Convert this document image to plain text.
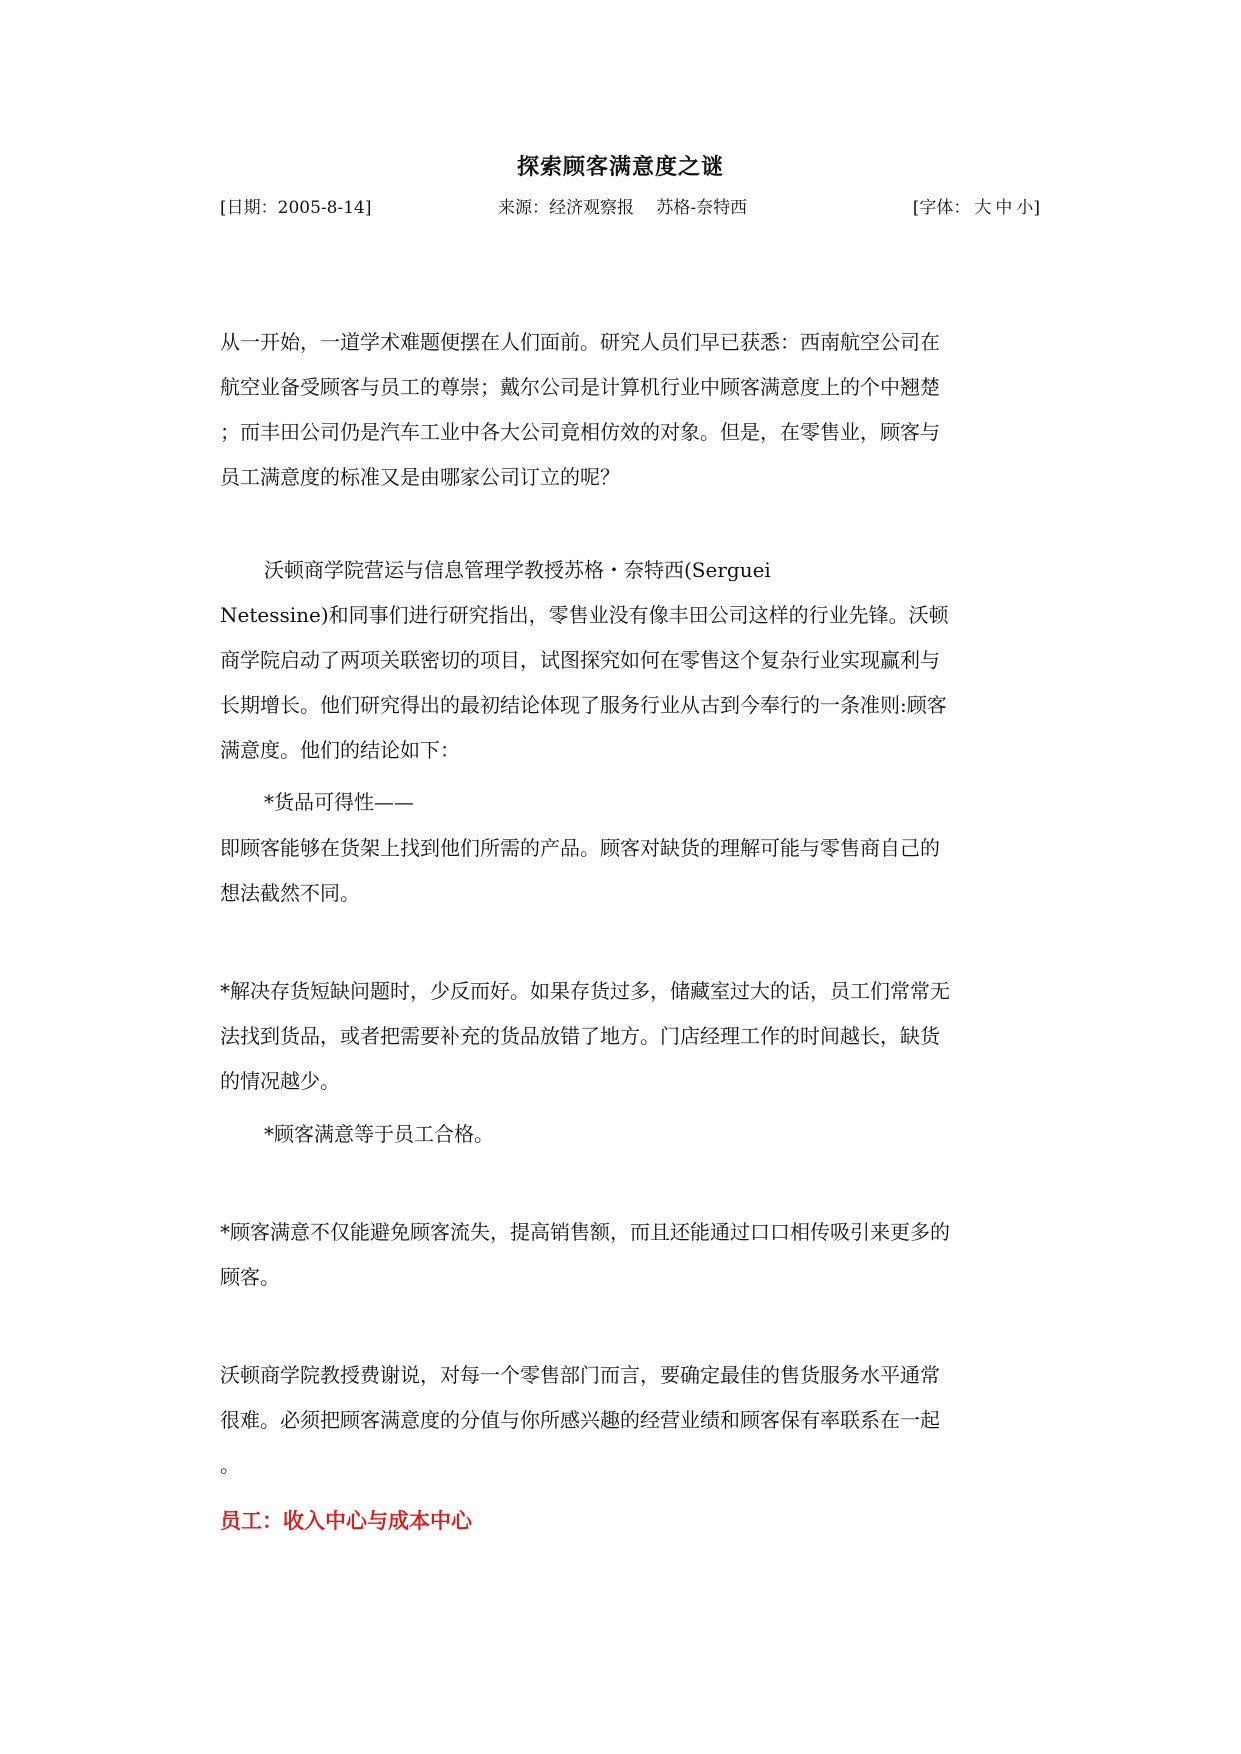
探索顾客满意度之谜
[日期：2005-8-14]	来源：经济观察报　 苏格-奈特西	[字体： 大 中 小]
从一开始，一道学术难题便摆在人们面前。研究人员们早已获悉：西南航空公司在
航空业备受顾客与员工的尊崇；戴尔公司是计算机行业中顾客满意度上的个中翘楚
；而丰田公司仍是汽车工业中各大公司竟相仿效的对象。但是，在零售业，顾客与
员工满意度的标准又是由哪家公司订立的呢？
沃顿商学院营运与信息管理学教授苏格・奈特西(Serguei
Netessine)和同事们进行研究指出，零售业没有像丰田公司这样的行业先锋。沃顿
商学院启动了两项关联密切的项目，试图探究如何在零售这个复杂行业实现赢利与
长期增长。他们研究得出的最初结论体现了服务行业从古到今奉行的一条准则:顾客
满意度。他们的结论如下：
*货品可得性——
即顾客能够在货架上找到他们所需的产品。顾客对缺货的理解可能与零售商自己的
想法截然不同。
*解决存货短缺问题时，少反而好。如果存货过多，储藏室过大的话，员工们常常无
法找到货品，或者把需要补充的货品放错了地方。门店经理工作的时间越长，缺货
的情况越少。
*顾客满意等于员工合格。
*顾客满意不仅能避免顾客流失，提高销售额，而且还能通过口口相传吸引来更多的
顾客。
沃顿商学院教授费谢说，对每一个零售部门而言，要确定最佳的售货服务水平通常
很难。必须把顾客满意度的分值与你所感兴趣的经营业绩和顾客保有率联系在一起
。
员工：收入中心与成本中心
